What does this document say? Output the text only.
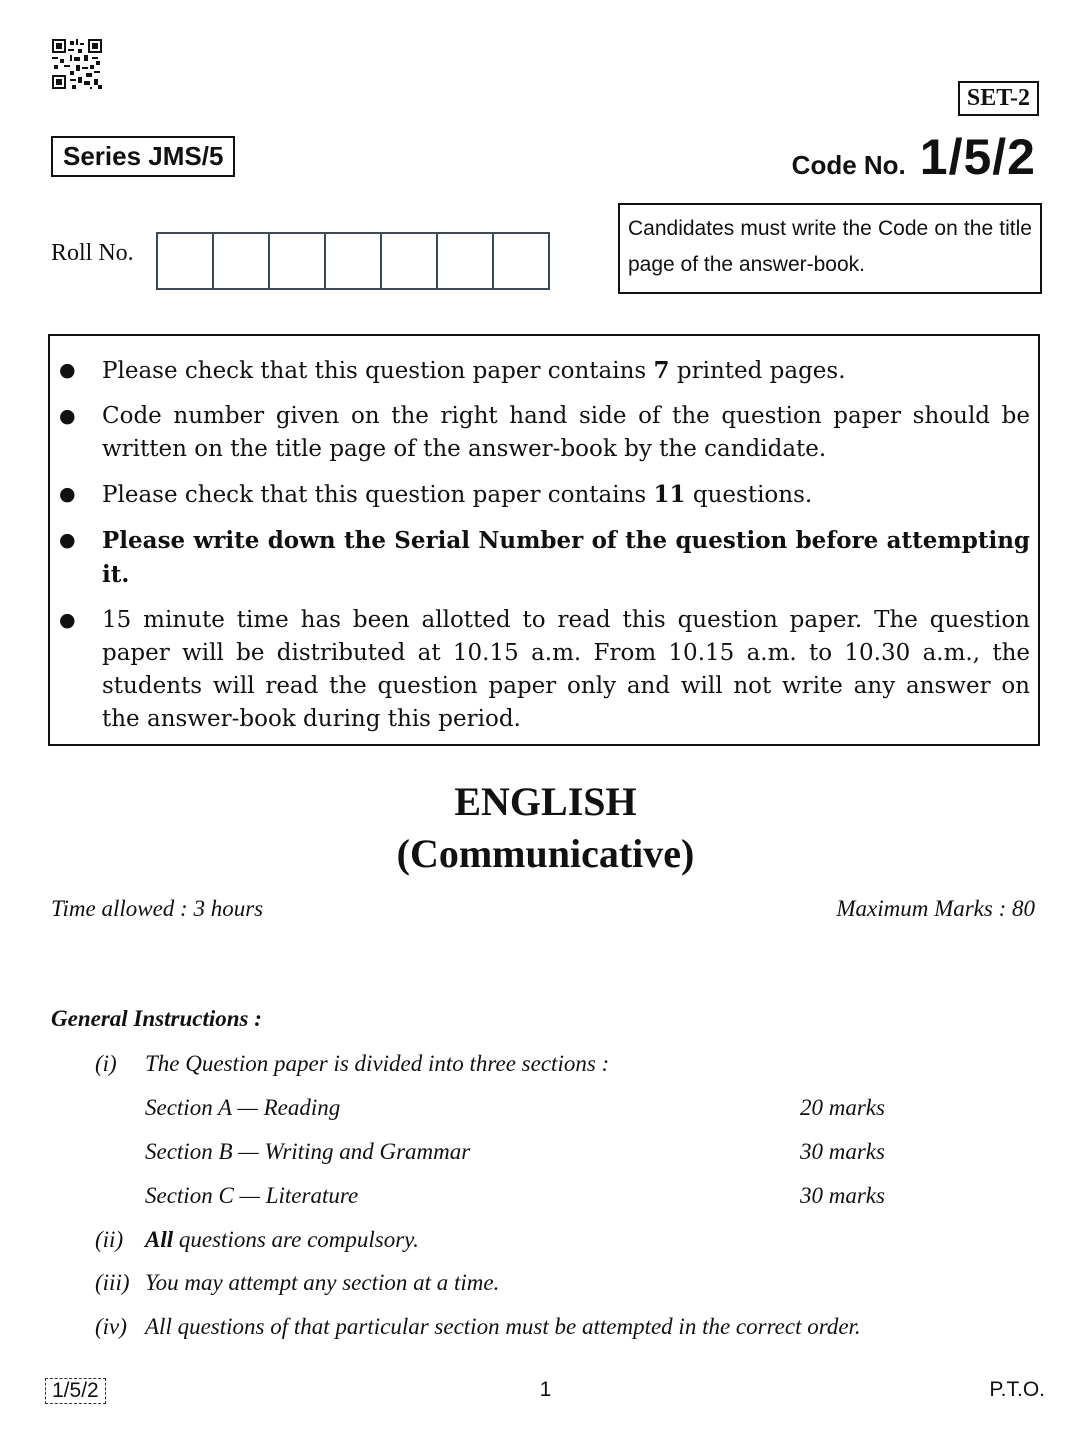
SET-2
Series JMS/5	Code No. 1/5/2
Roll No.
Candidates must write the Code on the title page of the answer-book.
● Please check that this question paper contains 7 printed pages.
● Code number given on the right hand side of the question paper should be written on the title page of the answer-book by the candidate.
● Please check that this question paper contains 11 questions.
● Please write down the Serial Number of the question before attempting it.
● 15 minute time has been allotted to read this question paper. The question paper will be distributed at 10.15 a.m. From 10.15 a.m. to 10.30 a.m., the students will read the question paper only and will not write any answer on the answer-book during this period.
ENGLISH
(Communicative)
Time allowed : 3 hours	Maximum Marks : 80
General Instructions :
(i) The Question paper is divided into three sections :
Section A — Reading	20 marks
Section B — Writing and Grammar	30 marks
Section C — Literature	30 marks
(ii) All questions are compulsory.
(iii) You may attempt any section at a time.
(iv) All questions of that particular section must be attempted in the correct order.
1/5/2	1	P.T.O.
